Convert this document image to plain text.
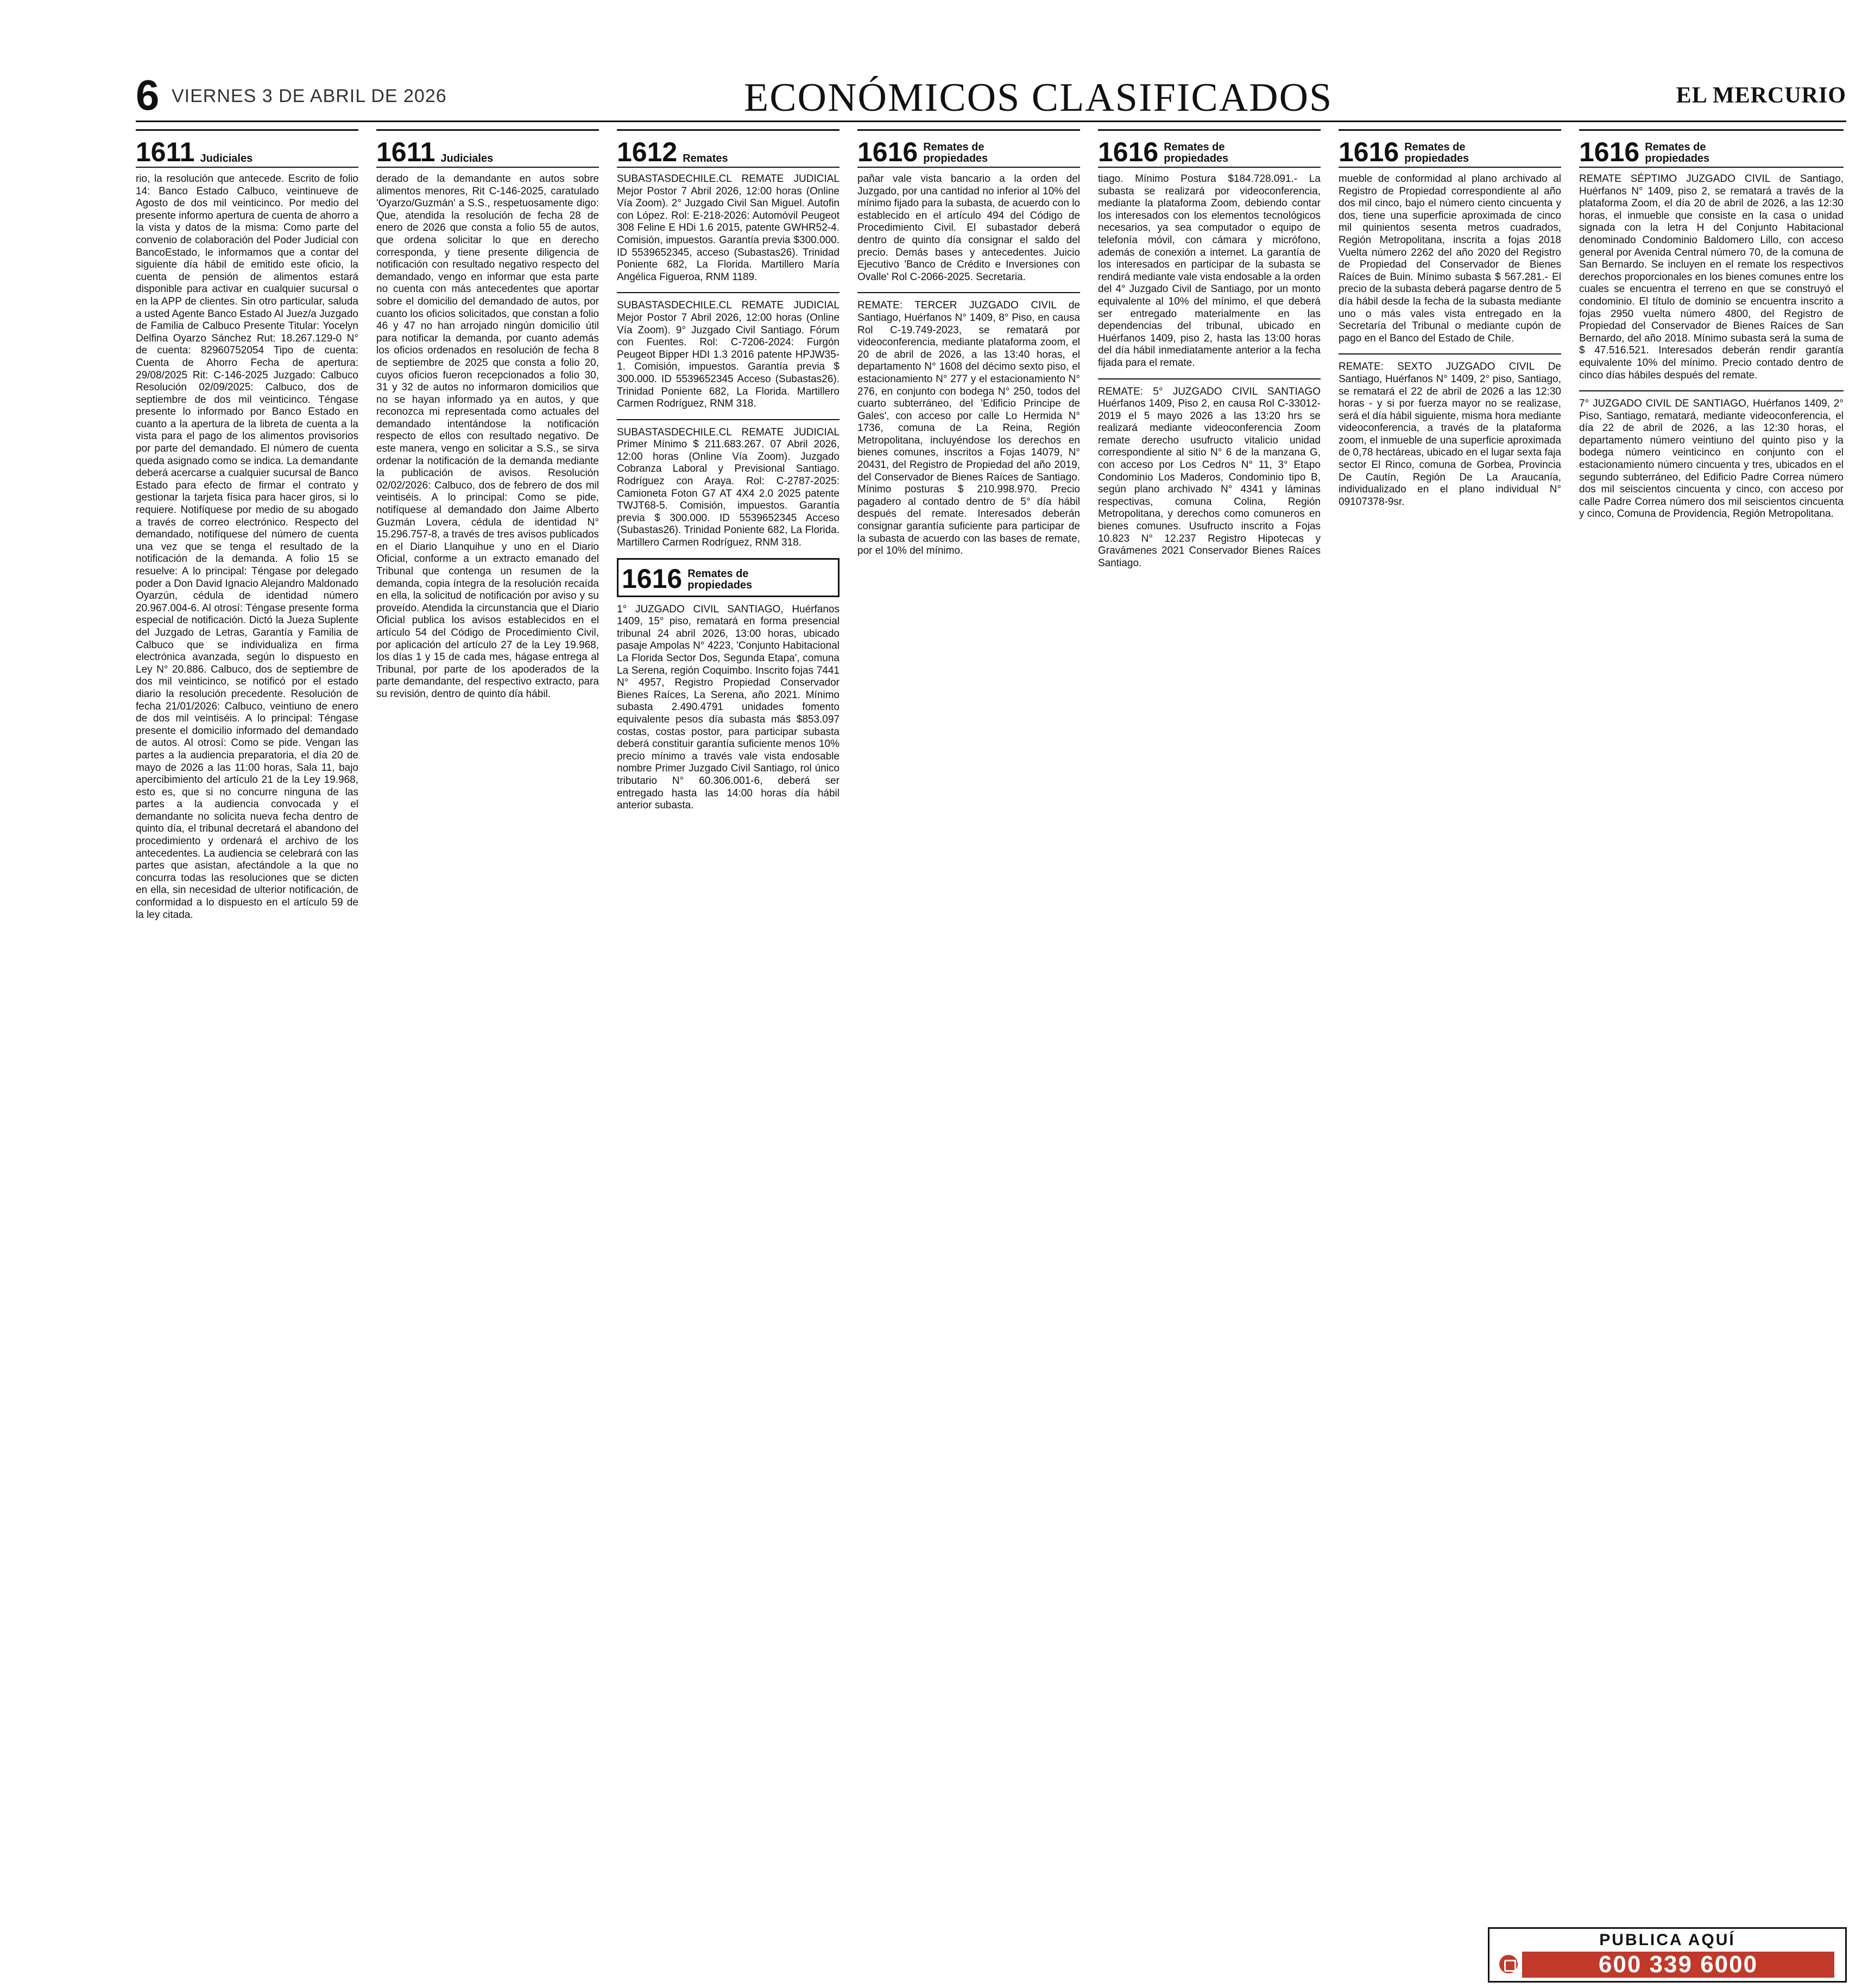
6 VIERNES 3 DE ABRIL DE 2026	ECONÓMICOS CLASIFICADOS	EL MERCURIO
1611 Judiciales

rio, la resolución que antecede. Escrito de folio 14: Banco Estado Calbuco, veintinueve de Agosto de dos mil veinticinco. Por medio del presente informo apertura de cuenta de ahorro a la vista y datos de la misma: Como parte del convenio de colaboración del Poder Judicial con BancoEstado, le informamos que a contar del siguiente día hábil de emitido este oficio, la cuenta de pensión de alimentos estará disponible para activar en cualquier sucursal o en la APP de clientes. Sin otro particular, saluda a usted Agente Banco Estado Al Juez/a Juzgado de Familia de Calbuco Presente Titular: Yocelyn Delfina Oyarzo Sánchez Rut: 18.267.129-0 N° de cuenta: 82960752054 Tipo de cuenta: Cuenta de Ahorro Fecha de apertura: 29/08/2025 Rit: C-146-2025 Juzgado: Calbuco Resolución 02/09/2025: Calbuco, dos de septiembre de dos mil veinticinco. Téngase presente lo informado por Banco Estado en cuanto a la apertura de la libreta de cuenta a la vista para el pago de los alimentos provisorios por parte del demandado. El número de cuenta queda asignado como se indica. La demandante deberá acercarse a cualquier sucursal de Banco Estado para efecto de firmar el contrato y gestionar la tarjeta física para hacer giros, si lo requiere. Notifíquese por medio de su abogado a través de correo electrónico. Respecto del demandado, notifíquese del número de cuenta una vez que se tenga el resultado de la notificación de la demanda. A folio 15 se resuelve: A lo principal: Téngase por delegado poder a Don David Ignacio Alejandro Maldonado Oyarzún, cédula de identidad número 20.967.004-6. Al otrosí: Téngase presente forma especial de notificación. Dictó la Jueza Suplente del Juzgado de Letras, Garantía y Familia de Calbuco que se individualiza en firma electrónica avanzada, según lo dispuesto en Ley N° 20.886. Calbuco, dos de septiembre de dos mil veinticinco, se notificó por el estado diario la resolución precedente. Resolución de fecha 21/01/2026: Calbuco, veintiuno de enero de dos mil veintiséis. A lo principal: Téngase presente el domicilio informado del demandado de autos. Al otrosí: Como se pide. Vengan las partes a la audiencia preparatoria, el día 20 de mayo de 2026 a las 11:00 horas, Sala 11, bajo apercibimiento del artículo 21 de la Ley 19.968, esto es, que si no concurre ninguna de las partes a la audiencia convocada y el demandante no solicita nueva fecha dentro de quinto día, el tribunal decretará el abandono del procedimiento y ordenará el archivo de los antecedentes. La audiencia se celebrará con las partes que asistan, afectándole a la que no concurra todas las resoluciones que se dicten en ella, sin necesidad de ulterior notificación, de conformidad a lo dispuesto en el artículo 59 de la ley citada.

1611 Judiciales

derado de la demandante en autos sobre alimentos menores, Rit C-146-2025, caratulado 'Oyarzo/Guzmán' a S.S., respetuosamente digo: Que, atendida la resolución de fecha 28 de enero de 2026 que consta a folio 55 de autos, que ordena solicitar lo que en derecho corresponda, y tiene presente diligencia de notificación con resultado negativo respecto del demandado, vengo en informar que esta parte no cuenta con más antecedentes que aportar sobre el domicilio del demandado de autos, por cuanto los oficios solicitados, que constan a folio 46 y 47 no han arrojado ningún domicilio útil para notificar la demanda, por cuanto además los oficios ordenados en resolución de fecha 8 de septiembre de 2025 que consta a folio 20, cuyos oficios fueron recepcionados a folio 30, 31 y 32 de autos no informaron domicilios que no se hayan informado ya en autos, y que reconozca mi representada como actuales del demandado intentándose la notificación respecto de ellos con resultado negativo. De este manera, vengo en solicitar a S.S., se sirva ordenar la notificación de la demanda mediante la publicación de avisos. Resolución 02/02/2026: Calbuco, dos de febrero de dos mil veintiséis. A lo principal: Como se pide, notifíquese al demandado don Jaime Alberto Guzmán Lovera, cédula de identidad N° 15.296.757-8, a través de tres avisos publicados en el Diario Llanquihue y uno en el Diario Oficial, conforme a un extracto emanado del Tribunal que contenga un resumen de la demanda, copia íntegra de la resolución recaída en ella, la solicitud de notificación por aviso y su proveído. Atendida la circunstancia que el Diario Oficial publica los avisos establecidos en el artículo 54 del Código de Procedimiento Civil, por aplicación del artículo 27 de la Ley 19.968, los días 1 y 15 de cada mes, hágase entrega al Tribunal, por parte de los apoderados de la parte demandante, del respectivo extracto, para su revisión, dentro de quinto día hábil.

1612 Remates

SUBASTASDECHILE.CL REMATE JUDICIAL Mejor Postor 7 Abril 2026, 12:00 horas (Online Vía Zoom). 2° Juzgado Civil San Miguel. Autofin con López. Rol: E-218-2026: Automóvil Peugeot 308 Feline E HDi 1.6 2015, patente GWHR52-4. Comisión, impuestos. Garantía previa $300.000. ID 5539652345, acceso (Subastas26). Trinidad Poniente 682, La Florida. Martillero María Angélica Figueroa, RNM 1189.

SUBASTASDECHILE.CL REMATE JUDICIAL Mejor Postor 7 Abril 2026, 12:00 horas (Online Vía Zoom). 9° Juzgado Civil Santiago. Fórum con Fuentes. Rol: C-7206-2024: Furgón Peugeot Bipper HDI 1.3 2016 patente HPJW35-1. Comisión, impuestos. Garantía previa $ 300.000. ID 5539652345 Acceso (Subastas26). Trinidad Poniente 682, La Florida. Martillero Carmen Rodríguez, RNM 318.

SUBASTASDECHILE.CL REMATE JUDICIAL Primer Mínimo $ 211.683.267. 07 Abril 2026, 12:00 horas (Online Vía Zoom). Juzgado Cobranza Laboral y Previsional Santiago. Rodríguez con Araya. Rol: C-2787-2025: Camioneta Foton G7 AT 4X4 2.0 2025 patente TWJT68-5. Comisión, impuestos. Garantía previa $ 300.000. ID 5539652345 Acceso (Subastas26). Trinidad Poniente 682, La Florida. Martillero Carmen Rodríguez, RNM 318.

1616 Remates de
propiedades

1° JUZGADO CIVIL SANTIAGO, Huérfanos 1409, 15° piso, rematará en forma presencial tribunal 24 abril 2026, 13:00 horas, ubicado pasaje Ampolas N° 4223, 'Conjunto Habitacional La Florida Sector Dos, Segunda Etapa', comuna La Serena, región Coquimbo. Inscrito fojas 7441 N° 4957, Registro Propiedad Conservador Bienes Raíces, La Serena, año 2021. Mínimo subasta 2.490.4791 unidades fomento equivalente pesos día subasta más $853.097 costas, costas postor, para participar subasta deberá constituir garantía suficiente menos 10% precio mínimo a través vale vista endosable nombre Primer Juzgado Civil Santiago, rol único tributario N° 60.306.001-6, deberá ser entregado hasta las 14:00 horas día hábil anterior subasta.

1616 Remates de
propiedades

pañar vale vista bancario a la orden del Juzgado, por una cantidad no inferior al 10% del mínimo fijado para la subasta, de acuerdo con lo establecido en el artículo 494 del Código de Procedimiento Civil. El subastador deberá dentro de quinto día consignar el saldo del precio. Demás bases y antecedentes. Juicio Ejecutivo 'Banco de Crédito e Inversiones con Ovalle' Rol C-2066-2025. Secretaria.

REMATE: TERCER JUZGADO CIVIL de Santiago, Huérfanos N° 1409, 8° Piso, en causa Rol C-19.749-2023, se rematará por videoconferencia, mediante plataforma zoom, el 20 de abril de 2026, a las 13:40 horas, el departamento N° 1608 del décimo sexto piso, el estacionamiento N° 277 y el estacionamiento N° 276, en conjunto con bodega N° 250, todos del cuarto subterráneo, del 'Edificio Principe de Gales', con acceso por calle Lo Hermida N° 1736, comuna de La Reina, Región Metropolitana, incluyéndose los derechos en bienes comunes, inscritos a Fojas 14079, N° 20431, del Registro de Propiedad del año 2019, del Conservador de Bienes Raíces de Santiago. Mínimo posturas $ 210.998.970. Precio pagadero al contado dentro de 5° día hábil después del remate. Interesados deberán consignar garantía suficiente para participar de la subasta de acuerdo con las bases de remate, por el 10% del mínimo.

1616 Remates de
propiedades

tiago. Mínimo Postura $184.728.091.- La subasta se realizará por videoconferencia, mediante la plataforma Zoom, debiendo contar los interesados con los elementos tecnológicos necesarios, ya sea computador o equipo de telefonía móvil, con cámara y micrófono, además de conexión a internet. La garantía de los interesados en participar de la subasta se rendirá mediante vale vista endosable a la orden del 4° Juzgado Civil de Santiago, por un monto equivalente al 10% del mínimo, el que deberá ser entregado materialmente en las dependencias del tribunal, ubicado en Huérfanos 1409, piso 2, hasta las 13:00 horas del día hábil inmediatamente anterior a la fecha fijada para el remate.

REMATE: 5° JUZGADO CIVIL SANTIAGO Huérfanos 1409, Piso 2, en causa Rol C-33012-2019 el 5 mayo 2026 a las 13:20 hrs se realizará mediante videoconferencia Zoom remate derecho usufructo vitalicio unidad correspondiente al sitio N° 6 de la manzana G, con acceso por Los Cedros N° 11, 3° Etapo Condominio Los Maderos, Condominio tipo B, según plano archivado N° 4341 y láminas respectivas, comuna Colina, Región Metropolitana, y derechos como comuneros en bienes comunes. Usufructo inscrito a Fojas 10.823 N° 12.237 Registro Hipotecas y Gravámenes 2021 Conservador Bienes Raíces Santiago.

1616 Remates de
propiedades

mueble de conformidad al plano archivado al Registro de Propiedad correspondiente al año dos mil cinco, bajo el número ciento cincuenta y dos, tiene una superficie aproximada de cinco mil quinientos sesenta metros cuadrados, Región Metropolitana, inscrita a fojas 2018 Vuelta número 2262 del año 2020 del Registro de Propiedad del Conservador de Bienes Raíces de Buin. Mínimo subasta $ 567.281.- El precio de la subasta deberá pagarse dentro de 5 día hábil desde la fecha de la subasta mediante uno o más vales vista entregado en la Secretaría del Tribunal o mediante cupón de pago en el Banco del Estado de Chile.

REMATE: SEXTO JUZGADO CIVIL De Santiago, Huérfanos N° 1409, 2° piso, Santiago, se rematará el 22 de abril de 2026 a las 12:30 horas - y si por fuerza mayor no se realizase, será el día hábil siguiente, misma hora mediante videoconferencia, a través de la plataforma zoom, el inmueble de una superficie aproximada de 0,78 hectáreas, ubicado en el lugar sexta faja sector El Rinco, comuna de Gorbea, Provincia De Cautín, Región De La Araucanía, individualizado en el plano individual N° 09107378-9sr.

1616 Remates de
propiedades

REMATE SÉPTIMO JUZGADO CIVIL de Santiago, Huérfanos N° 1409, piso 2, se rematará a través de la plataforma Zoom, el día 20 de abril de 2026, a las 12:30 horas, el inmueble que consiste en la casa o unidad signada con la letra H del Conjunto Habitacional denominado Condominio Baldomero Lillo, con acceso general por Avenida Central número 70, de la comuna de San Bernardo. Se incluyen en el remate los respectivos derechos proporcionales en los bienes comunes entre los cuales se encuentra el terreno en que se construyó el condominio. El título de dominio se encuentra inscrito a fojas 2950 vuelta número 4800, del Registro de Propiedad del Conservador de Bienes Raíces de San Bernardo, del año 2018. Mínimo subasta será la suma de $ 47.516.521. Interesados deberán rendir garantía equivalente 10% del mínimo. Precio contado dentro de cinco días hábiles después del remate.

7° JUZGADO CIVIL DE SANTIAGO, Huérfanos 1409, 2° Piso, Santiago, rematará, mediante videoconferencia, el día 22 de abril de 2026, a las 12:30 horas, el departamento número veintiuno del quinto piso y la bodega número veinticinco en conjunto con el estacionamiento número cincuenta y tres, ubicados en el segundo subterráneo, del Edificio Padre Correa número dos mil seiscientos cincuenta y cinco, con acceso por calle Padre Correa número dos mil seiscientos cincuenta y cinco, Comuna de Providencia, Región Metropolitana.

PUBLICA AQUÍ
600 339 6000
